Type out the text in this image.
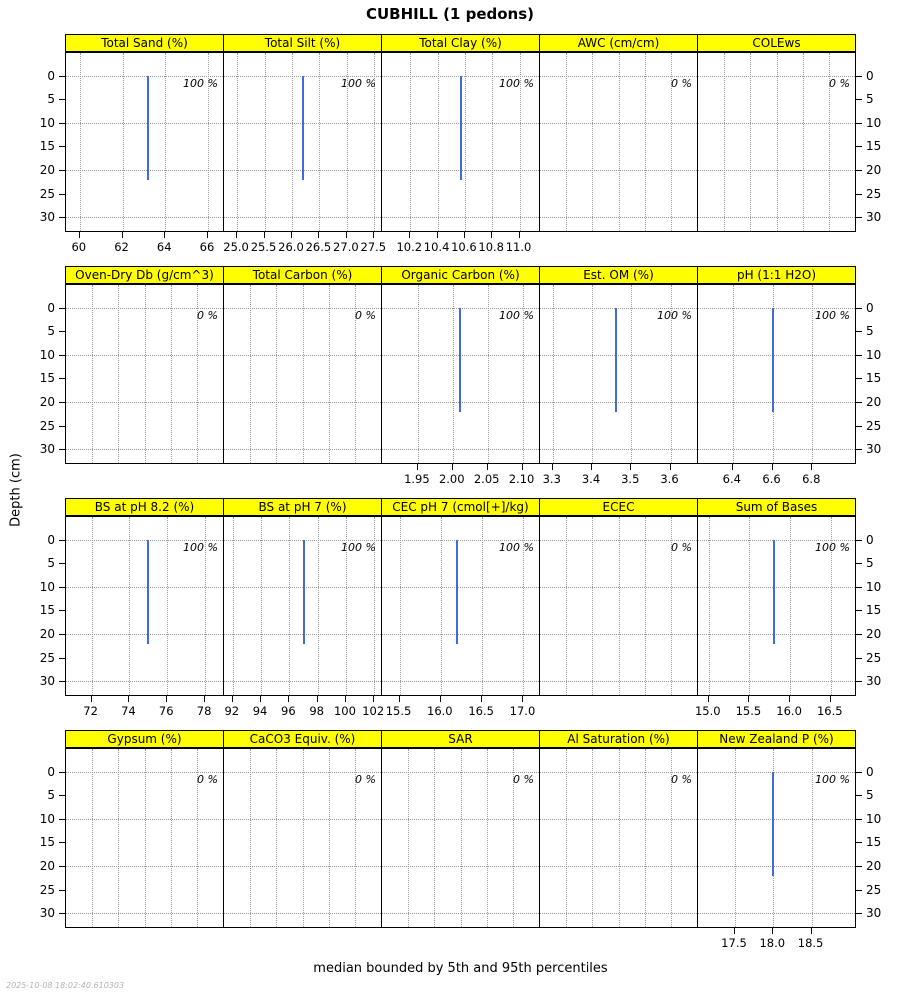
CUBHILL (1 pedons)
Depth (cm)
Total Sand (%)	Total Silt (%)	Total Clay (%)	AWC (cm/cm)	COLEws
100 %	100 %	100 %	0 %	0 %
60 62 64 66 25.0 25.5 26.0 26.5 27.0 27.5 10.2 10.4 10.6 10.8 11.0
0	0
5	5
10	10
15	15
20	20
25	25
30	30
Oven-Dry Db (g/cm^3)	Total Carbon (%)	Organic Carbon (%)	Est. OM (%)	pH (1:1 H2O)
0 %	0 %	100 %	100 %	100 %
1.95 2.00 2.05 2.10 3.3 3.4 3.5 3.6	6.4 6.6 6.8
0	0
5	5
10	10
15	15
20	20
25	25
30	30
BS at pH 8.2 (%)	BS at pH 7 (%)	CEC pH 7 (cmol[+]/kg)	ECEC	Sum of Bases
100 %	100 %	100 %	0 %	100 %
72 74 76 78 92 94 96 98 100 102 15.5 16.0 16.5 17.0	15.0 15.5 16.0 16.5
0	0
5	5
10	10
15	15
20	20
25	25
30	30
Gypsum (%)	CaCO3 Equiv. (%)	SAR	Al Saturation (%)	New Zealand P (%)
0 %	0 %	0 %	0 %	100 %
17.5 18.0 18.5
0	0
5	5
10	10
15	15
20	20
25	25
30	30
median bounded by 5th and 95th percentiles
2025-10-08 18:02:40.610303
